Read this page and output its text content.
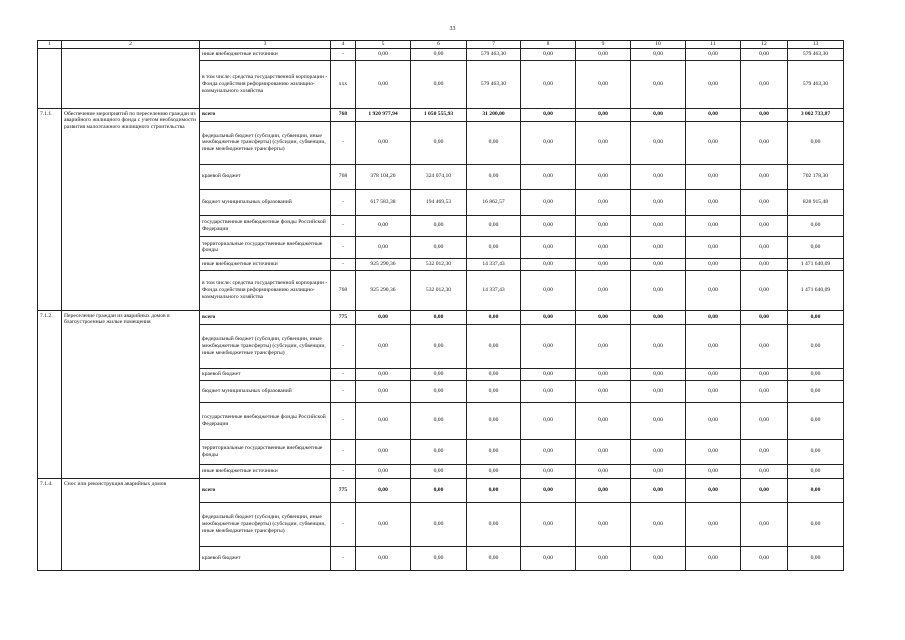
33
1	2	3	4	5	6	7	8	9	10	11	12	13
		иные внебюджетные источники	-	0,00	0,00	579 463,30	0,00	0,00	0,00	0,00	0,00	579 463,30
		в том числе: средства государственной корпорации - Фонда содействия реформированию жилищно-коммунального хозяйства	ххх	0,00	0,00	579 463,30	0,00	0,00	0,00	0,00	0,00	579 463,30
7.1.1.	Обеспечение мероприятий по переселению граждан из аварийного жилищного фонда с учетом необходимости развития малоэтажного жилищного строительства	всего	768	1 920 977,94	1 050 555,93	31 200,00	0,00	0,00	0,00	0,00	0,00	3 002 733,87
		федеральный бюджет (субсидии, субвенции, иные межбюджетные трансферты) (субсидии, субвенции, иные межбюджетные трансферты)	-	0,00	0,00	0,00	0,00	0,00	0,00	0,00	0,00	0,00
		краевой бюджет	768	378 104,20	324 074,10	0,00	0,00	0,00	0,00	0,00	0,00	702 178,30
		бюджет муниципальных образований	-	617 583,38	194 469,53	16 862,57	0,00	0,00	0,00	0,00	0,00	828 915,48
		государственные внебюджетные фонды Российской Федерации	-	0,00	0,00	0,00	0,00	0,00	0,00	0,00	0,00	0,00
		территориальные государственные внебюджетные фонды	-	0,00	0,00	0,00	0,00	0,00	0,00	0,00	0,00	0,00
		иные внебюджетные источники	-	925 290,36	532 012,30	14 337,43	0,00	0,00	0,00	0,00	0,00	1 471 640,09
		в том числе: средства государственной корпорации - Фонда содействия реформированию жилищно-коммунального хозяйства	768	925 290,36	532 012,30	14 337,43	0,00	0,00	0,00	0,00	0,00	1 471 640,09
7.1.2.	Переселение граждан из аварийных домов в благоустроенные жилые помещения	всего	775	0,00	0,00	0,00	0,00	0,00	0,00	0,00	0,00	0,00
		федеральный бюджет (субсидии, субвенции, иные межбюджетные трансферты) (субсидии, субвенции, иные межбюджетные трансферты)	-	0,00	0,00	0,00	0,00	0,00	0,00	0,00	0,00	0,00
		краевой бюджет	-	0,00	0,00	0,00	0,00	0,00	0,00	0,00	0,00	0,00
		бюджет муниципальных образований	-	0,00	0,00	0,00	0,00	0,00	0,00	0,00	0,00	0,00
		государственные внебюджетные фонды Российской Федерации	-	0,00	0,00	0,00	0,00	0,00	0,00	0,00	0,00	0,00
		территориальные государственные внебюджетные фонды	-	0,00	0,00	0,00	0,00	0,00	0,00	0,00	0,00	0,00
		иные внебюджетные источники	-	0,00	0,00	0,00	0,00	0,00	0,00	0,00	0,00	0,00
7.1.4.	Снос или реконструкция аварийных домов	всего	775	0,00	0,00	0,00	0,00	0,00	0,00	0,00	0,00	0,00
		федеральный бюджет (субсидии, субвенции, иные межбюджетные трансферты) (субсидии, субвенции, иные межбюджетные трансферты)	-	0,00	0,00	0,00	0,00	0,00	0,00	0,00	0,00	0,00
		краевой бюджет	-	0,00	0,00	0,00	0,00	0,00	0,00	0,00	0,00	0,00
